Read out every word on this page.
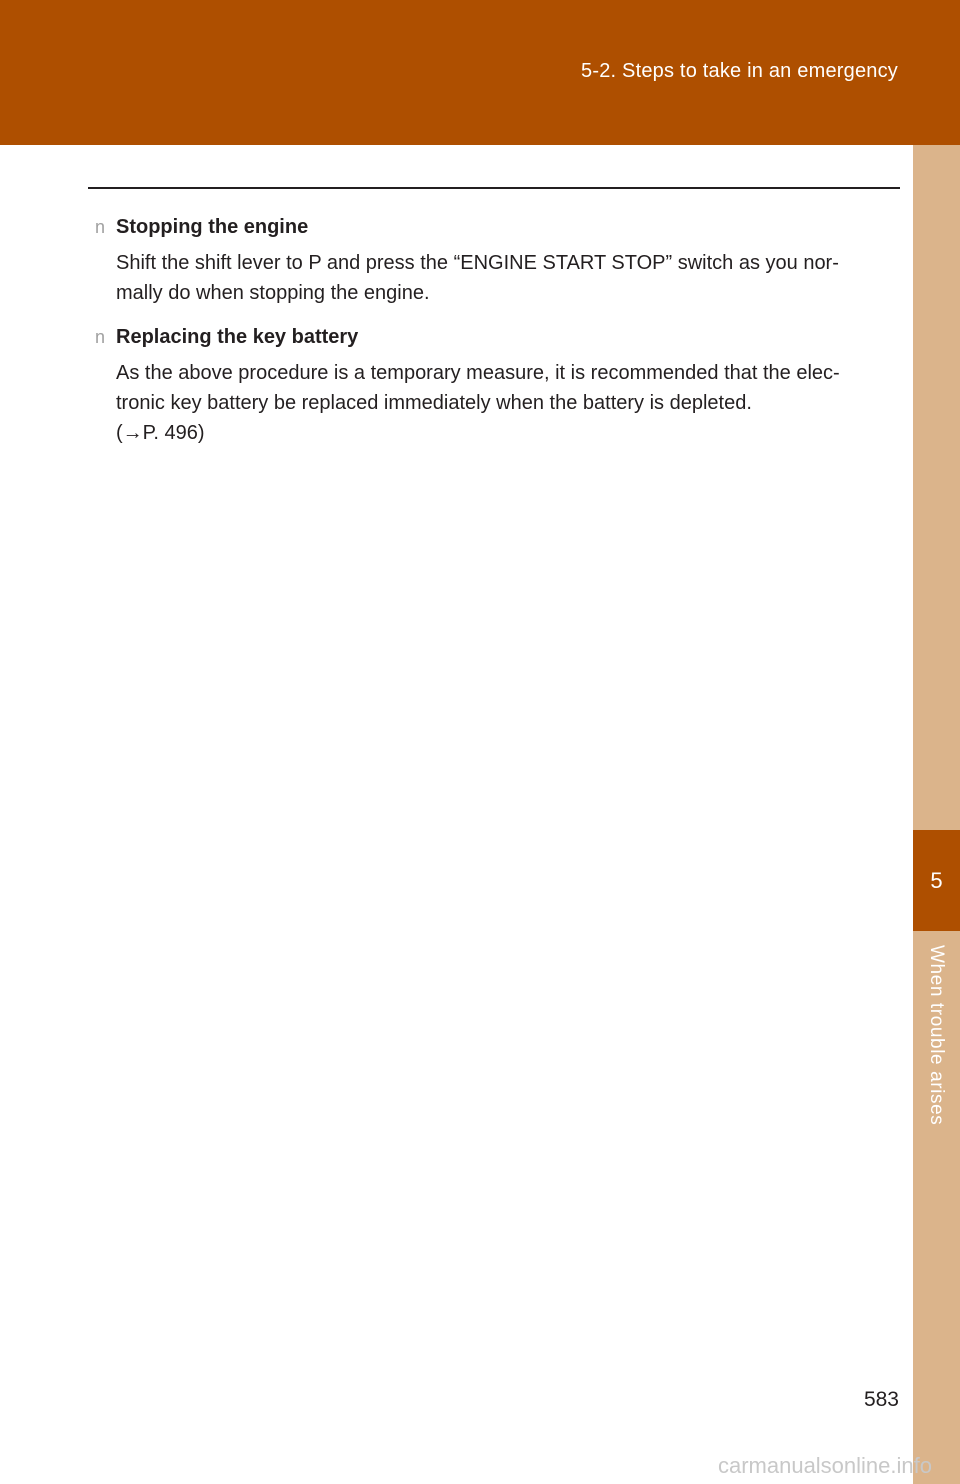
5-2. Steps to take in an emergency
5
When trouble arises
n Stopping the engine

Shift the shift lever to P and press the “ENGINE START STOP” switch as you nor-

mally do when stopping the engine.

n Replacing the key battery

As the above procedure is a temporary measure, it is recommended that the elec-

tronic key battery be replaced immediately when the battery is depleted.

(→P. 496)

583
carmanualsonline.info
